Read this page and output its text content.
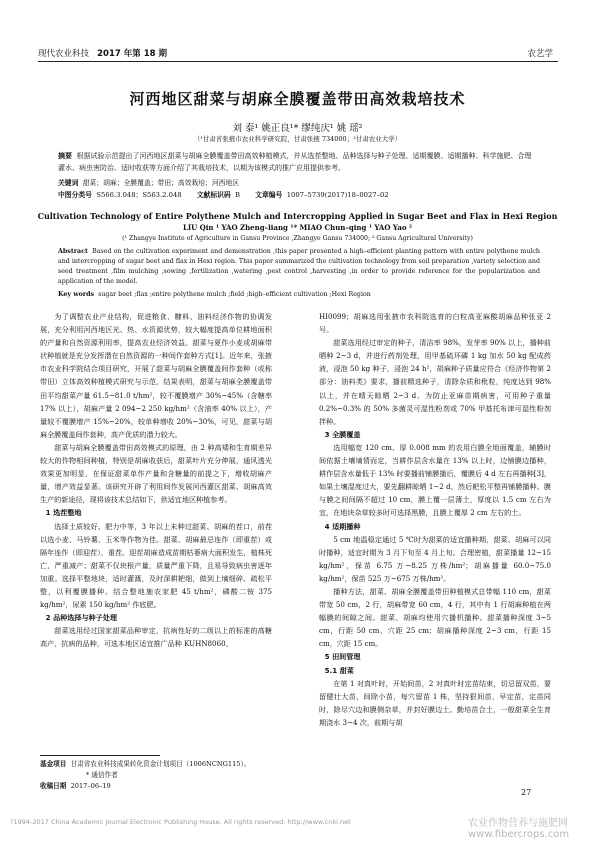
现代农业科技 2017 年第 18 期	农艺学
河西地区甜菜与胡麻全膜覆盖带田高效栽培技术
刘 泰¹ 姚正良¹* 缪纯庆¹ 姚 瑶²
（¹甘肃省张掖市农业科学研究院，甘肃张掖 734000；²甘肃农业大学）
摘要 根据试验示范提出了河西地区甜菜与胡麻全膜覆盖带田高效种植模式，并从选茬整地、品种选择与种子处理、适期覆膜、适期播种、科学施肥、合理灌水、病虫害防治、适时收获等方面介绍了其栽培技术，以期为该模式的推广应用提供参考。
关键词 甜菜；胡麻；全膜覆盖；带田；高效栽培；河西地区
中图分类号 S566.3.048；S563.2.048 文献标识码 B 文章编号 1007–5739(2017)18–0027–02
Cultivation Technology of Entire Polythene Mulch and Intercropping Applied in Sugar Beet and Flax in Hexi Region
LIU Qin ¹ YAO Zheng–liang ¹* MIAO Chun–qing ¹ YAO Yao ²
(¹ Zhangye Institute of Agriculture in Gansu Province ,Zhangye Gansu 734000; ² Gansu Agricultural University)
Abstract Based on the cultivation experiment and demonstration ,this paper presented a high–efficient planting pattern with entire polythene mulch and intercropping of sugar beet and flax in Hexi region. This paper summarized the cultivation technology from soil preparation ,variety selection and seed treatment ,film mulching ,sowing ,fertilization ,watering ,pest control ,harvesting ,in order to provide reference for the popularization and application of the model.
Key words sugar beet ;flax ;entire polythene mulch ;field ;high–efficient cultivation ;Hexi Region

为了调整农业产业结构，促进粮食、糠料、油料经济作物的协调发展，充分利用河西地区光、热、水资源优势，较大幅度提高单位耕地面积的产量和自然资源利用率，提高农业经济效益。甜菜与夏作小麦或胡麻带状种植就是充分发挥潜在自然资源的一种间作套种方式[1]。近年来，张掖市农业科学院结合项目研究，开展了甜菜与胡麻全膜覆盖间作套种（或称带田）立体高效种植模式研究与示范，结果表明，甜菜与胡麻全膜覆盖带田平均甜菜产量 61.5~81.0 t/hm²，较不覆膜增产 30%~45%（含糖率 17% 以上），胡麻产量 2 094~2 250 kg/hm²（含油率 40% 以上），产量较不覆膜增产 15%~20%，较单种增收 20%~30%，可见，甜菜与胡麻全膜覆盖间作套种，高产优质的潜力较大。

甜菜与胡麻全膜覆盖带田高效模式的原理，由 2 种高矮和生育期差异较大的作物相间种植，特别是胡麻收获后，甜菜叶片充分伸展，通风透光效果更加明显，在保证甜菜单作产量和含糖量的前提之下，增收胡麻产量，增产效益显著。该研究开辟了利用间作发展河西灌区甜菜、胡麻高效生产的新途径，现将该技术总结如下，供适宜地区种植参考。

1 选茬整地

选择土质较好、肥力中等，3 年以上未种过甜菜、胡麻的茬口，前茬以选小麦、马铃薯、玉米等作物为佳。甜菜、胡麻最忌连作（即重茬）或隔年连作（即迎茬），重茬、迎茬胡麻造成苗期枯萎病大面积发生，植株死亡，严重减产；甜菜不仅块根产量，质量严重下降，且易导致病虫害逐年加重。选择平整地块，适时灌溉，及时深耕耙细，做到上墒细碎、疏松平整，以利覆膜播种。结合整地施农家肥 45 t/hm²，磷酸二铵 375 kg/hm²，尿素 150 kg/hm² 作底肥。

2 品种选择与种子处理

甜菜选用经过国家甜菜品种审定，抗病性好的二级以上的标准的高糖高产、抗病的品种，可选本地区适宜推广品种 KUHN8060、

HI0099；胡麻选用张掖市农科院选育的白粒高亚麻酸胡麻品种张亚 2 号。

甜菜选用经过审定的种子，清洁率 98%，发芽率 90% 以上，播种前晒种 2~3 d，并进行药剂处理，用甲基硫环磷 1 kg 加水 50 kg 配成药液，浸泡 50 kg 种子，浸泡 24 h²，胡麻种子质量应符合《经济作物第 2 部分：油料类》要求，播前精选种子，清除杂质和秕粒，纯度达到 98% 以上，并在晴天晾晒 2~3 d。为防止亚麻苗期病害，可用种子重量 0.2%~0.3% 的 50% 多菌灵可湿性粉剂或 70% 甲基托布津可湿性粉剂拌种。

3 全膜覆盖

选用幅宽 120 cm、厚 0.008 mm 的农用白膜全地面覆盖，辅膜时间依据土壤墒情而定，当耕作层含水量在 13% 以上时，边铺膜边播种，耕作层含水量低于 13% 时要播前铺膜播后，覆膜后 4 d 左右再播种[3]，如果土壤湿度过大，要先翻耕晾晒 1~2 d，然后耙松平整再铺膜播种。膜与膜之间间隔不超过 10 cm，膜上覆一层薄土，厚度以 1.5 cm 左右为宜，在地块杂草较多时可选择黑膜，且膜上覆厚 2 cm 左右的土。

4 适期播种

5 cm 地温稳定通过 5 ℃时为甜菜的适宜播种期，甜菜、胡麻可以同时播种，适宜时期为 3 月下旬至 4 月上旬。合理密植，甜菜播量 12~15 kg/hm²，保苗 6.75 万~8.25 万株/hm²；胡麻播量 60.0~75.0 kg/hm²，保苗 525 万~675 万株/hm²。

播种方法，甜菜、胡麻全膜覆盖带田种植模式总带幅 110 cm，甜菜带宽 50 cm，2 行，胡麻带宽 60 cm，4 行，其中有 1 行胡麻种植在两幅膜的间隙之间。甜菜、胡麻均使用穴播机播种。甜菜播种深度 3~5 cm，行距 50 cm，穴距 25 cm；胡麻播种深度 2~3 cm，行距 15 cm，穴距 15 cm。

5 田间管理

5.1 甜菜

在第 1 对真叶时，开始间苗，2 对真叶时定苗结束，切忌留双苗，要留健壮大苗，间除小苗，每穴留苗 1 株，坚持狠间苗，早定苗，定苗同时，除尽穴边和膜侧杂草，并封好膜边土。勤培苗合土，一般甜菜全生育期浇水 3~4 次，前期与胡

基金项目 甘肃省农业科技成果转化资金计划项目（1006NCNG115）。
* 通信作者
收稿日期 2017–06–19
27
?1994-2017 China Academic Journal Electronic Publishing House. All rights reserved. http://www.cnki.net	农业作物营养与施肥网 www.fibercrops.com
